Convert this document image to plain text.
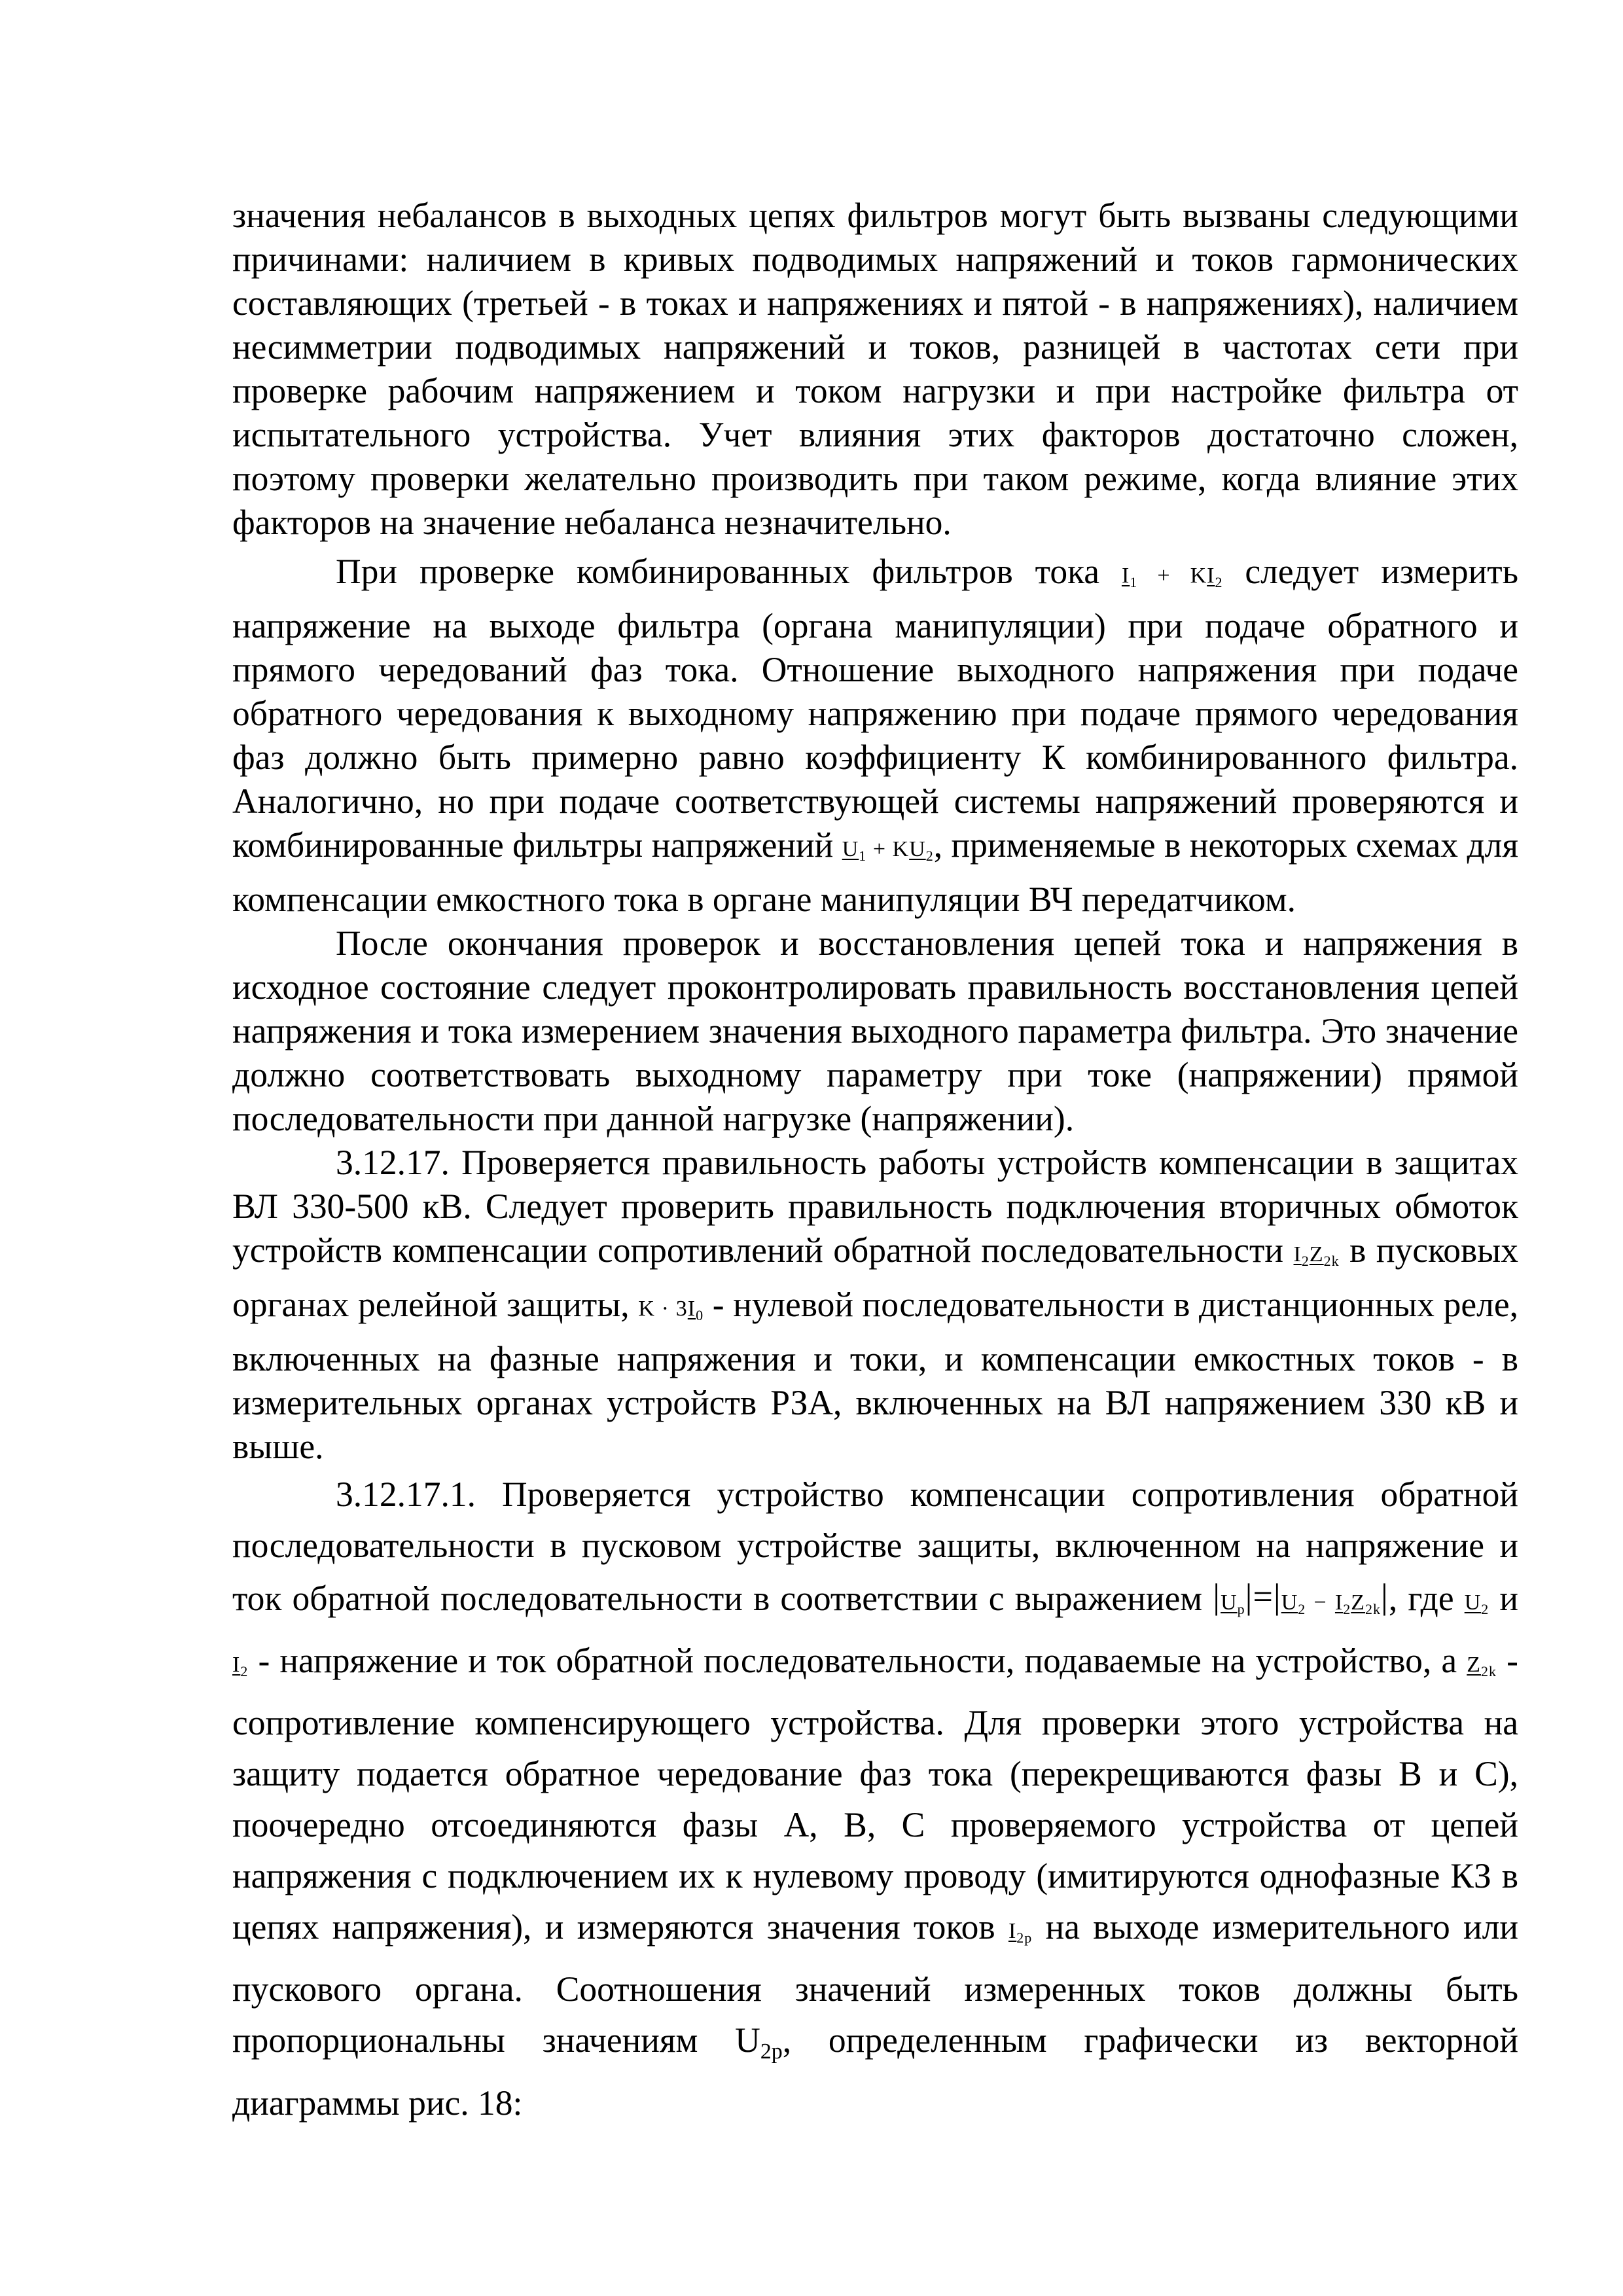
значения небалансов в выходных цепях фильтров могут быть вызваны следующими причинами: наличием в кривых подводимых напряжений и токов гармонических составляющих (третьей - в токах и напряжениях и пятой - в напряжениях), наличием несимметрии подводимых напряжений и токов, разницей в частотах сети при проверке рабочим напряжением и током нагрузки и при настройке фильтра от испытательного устройства. Учет влияния этих факторов достаточно сложен, поэтому проверки желательно производить при таком режиме, когда влияние этих факторов на значение небаланса незначительно.

При проверке комбинированных фильтров тока $I_1 + KI_2$ следует измерить напряжение на выходе фильтра (органа манипуляции) при подаче обратного и прямого чередований фаз тока. Отношение выходного напряжения при подаче обратного чередования к выходному напряжению при подаче прямого чередования фаз должно быть примерно равно коэффициенту К комбинированного фильтра. Аналогично, но при подаче соответствующей системы напряжений проверяются и комбинированные фильтры напряжений $U_1 + KU_2$, применяемые в некоторых схемах для компенсации емкостного тока в органе манипуляции ВЧ передатчиком.

После окончания проверок и восстановления цепей тока и напряжения в исходное состояние следует проконтролировать правильность восстановления цепей напряжения и тока измерением значения выходного параметра фильтра. Это значение должно соответствовать выходному параметру при токе (напряжении) прямой последовательности при данной нагрузке (напряжении).

3.12.17. Проверяется правильность работы устройств компенсации в защитах ВЛ 330-500 кВ. Следует проверить правильность подключения вторичных обмоток устройств компенсации сопротивлений обратной последовательности $I_2Z_{2k}$ в пусковых органах релейной защиты, $K \cdot 3I_0$ - нулевой последовательности в дистанционных реле, включенных на фазные напряжения и токи, и компенсации емкостных токов - в измерительных органах устройств РЗА, включенных на ВЛ напряжением 330 кВ и выше.

3.12.17.1. Проверяется устройство компенсации сопротивления обратной последовательности в пусковом устройстве защиты, включенном на напряжение и ток обратной последовательности в соответствии с выражением $|U_p|=|U_2 - I_2Z_{2k}|$, где $U_2$ и $I_2$ - напряжение и ток обратной последовательности, подаваемые на устройство, а $Z_{2k}$ - сопротивление компенсирующего устройства. Для проверки этого устройства на защиту подается обратное чередование фаз тока (перекрещиваются фазы В и С), поочередно отсоединяются фазы А, В, С проверяемого устройства от цепей напряжения с подключением их к нулевому проводу (имитируются однофазные КЗ в цепях напряжения), и измеряются значения токов $I_{2p}$ на выходе измерительного или пускового органа. Соотношения значений измеренных токов должны быть пропорциональны значениям $U_{2р}$, определенным графически из векторной диаграммы рис. 18:
